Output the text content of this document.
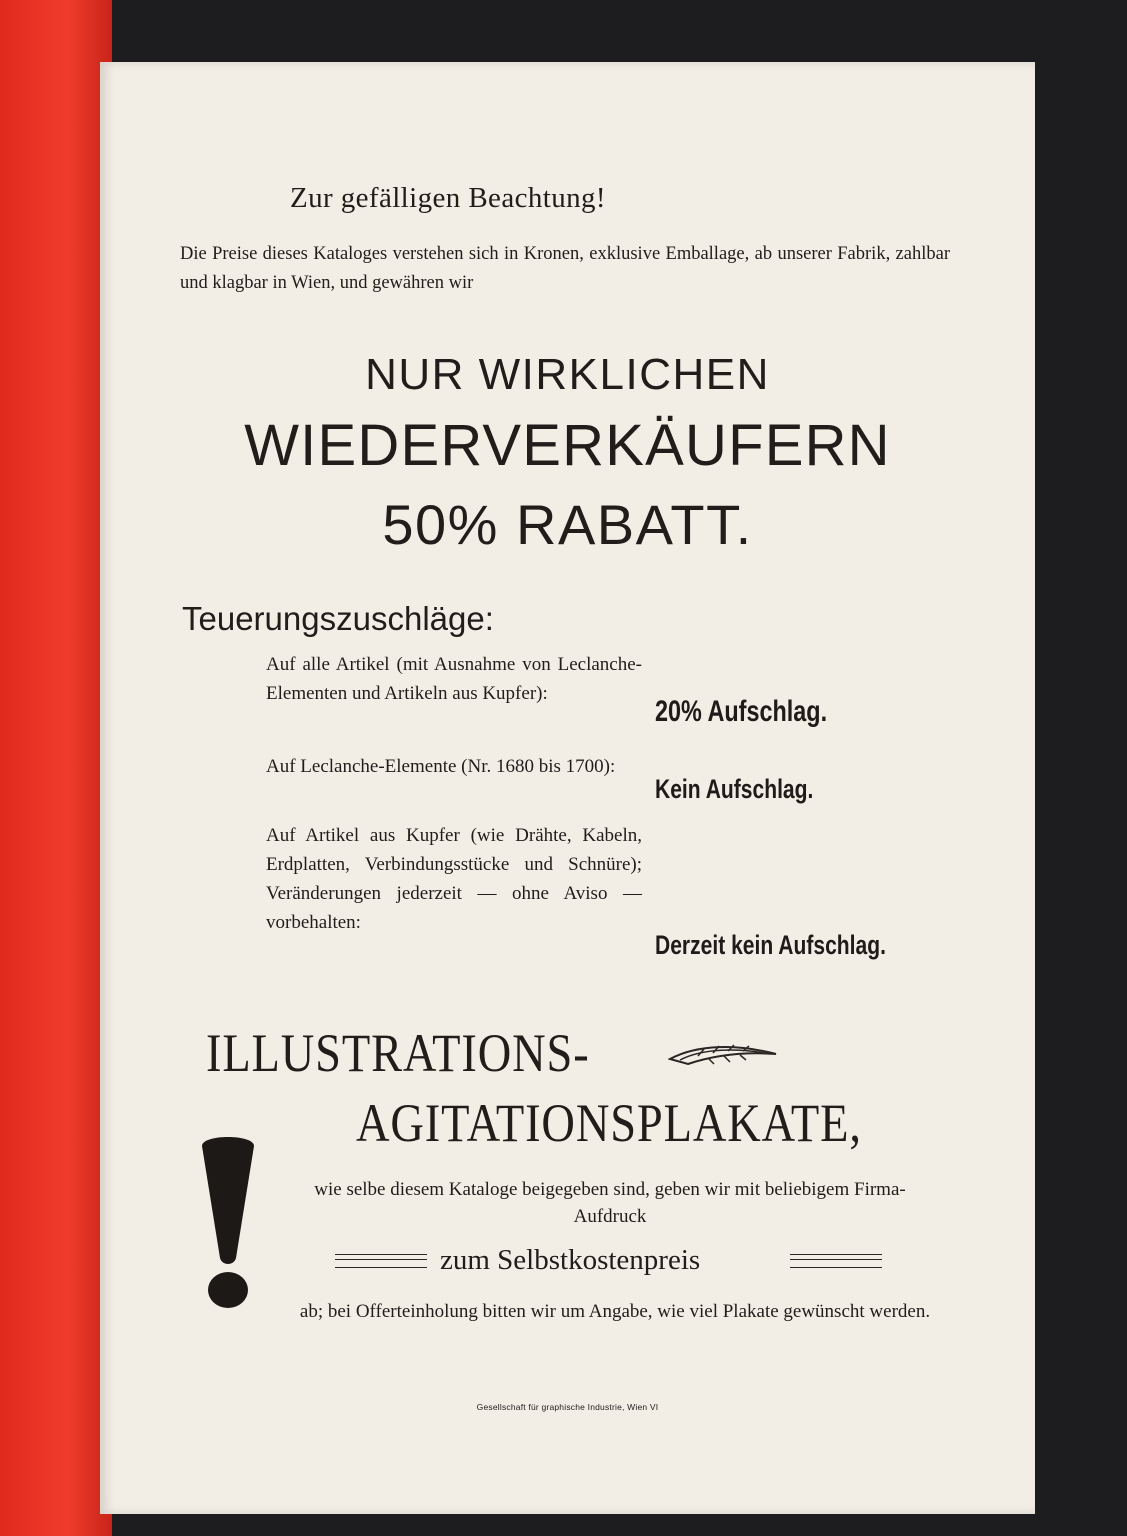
Zur gefälligen Beachtung!
Die Preise dieses Kataloges verstehen sich in Kronen, exklusive Emballage, ab unserer Fabrik, zahlbar und klagbar in Wien, und gewähren wir
NUR WIRKLICHEN
WIEDERVERKÄUFERN
50% RABATT.
Teuerungszuschläge:
Auf alle Artikel (mit Ausnahme von Leclanche-Elementen und Artikeln aus Kupfer):
20% Aufschlag.
Auf Leclanche-Elemente (Nr. 1680 bis 1700):
Kein Aufschlag.
Auf Artikel aus Kupfer (wie Drähte, Kabeln, Erdplatten, Verbindungsstücke und Schnüre); Veränderungen jederzeit — ohne Aviso — vorbehalten:
Derzeit kein Aufschlag.
ILLUSTRATIONS-
AGITATIONSPLAKATE,
wie selbe diesem Kataloge beigegeben sind, geben wir mit beliebigem Firma-Aufdruck
zum Selbstkostenpreis
ab; bei Offerteinholung bitten wir um Angabe, wie viel Plakate gewünscht werden.
Gesellschaft für graphische Industrie, Wien VI
